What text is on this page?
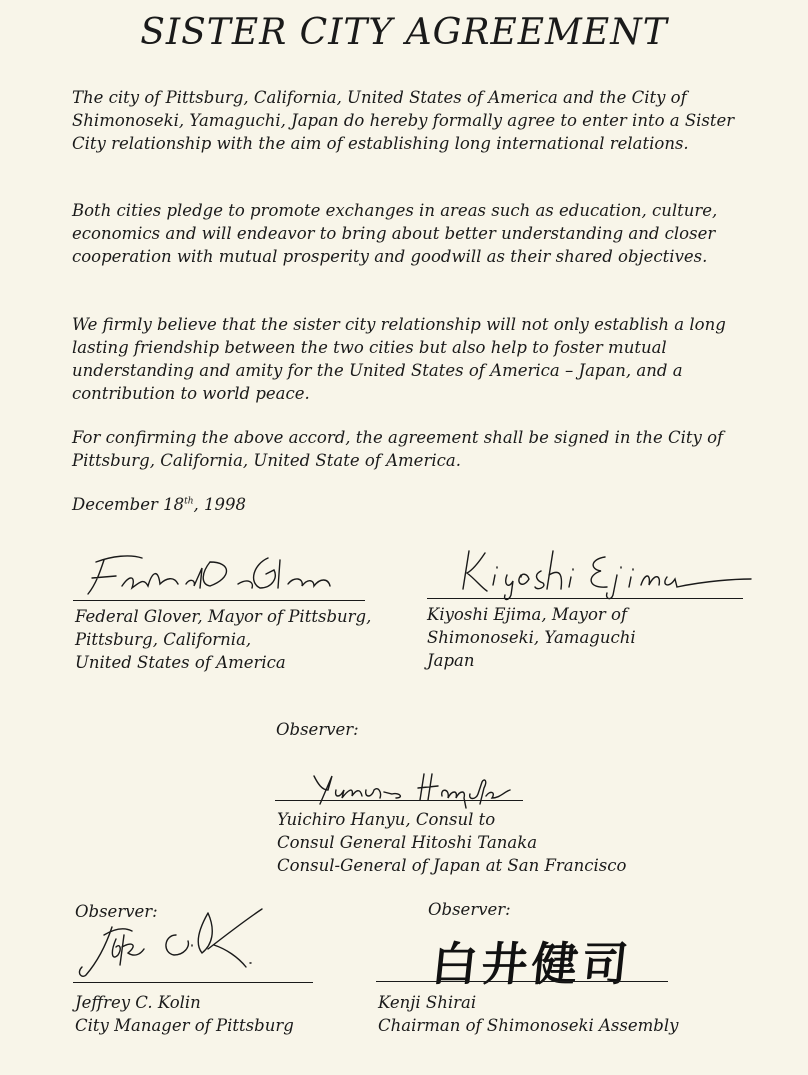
SISTER CITY AGREEMENT

The city of Pittsburg, California, United States of America and the City of Shimonoseki, Yamaguchi, Japan do hereby formally agree to enter into a Sister City relationship with the aim of establishing long international relations.

Both cities pledge to promote exchanges in areas such as education, culture, economics and will endeavor to bring about better understanding and closer cooperation with mutual prosperity and goodwill as their shared objectives.

We firmly believe that the sister city relationship will not only establish a long lasting friendship between the two cities but also help to foster mutual understanding and amity for the United States of America – Japan, and a contribution to world peace.

For confirming the above accord, the agreement shall be signed in the City of Pittsburg, California, United State of America.

December 18th, 1998
Federal Glover, Mayor of Pittsburg,
Pittsburg, California,
United States of America
Kiyoshi Ejima, Mayor of
Shimonoseki, Yamaguchi
Japan
Observer:
Yuichiro Hanyu, Consul to
Consul General Hitoshi Tanaka
Consul-General of Japan at San Francisco
Observer:
Jeffrey C. Kolin
City Manager of Pittsburg
Observer:
白井健司
Kenji Shirai
Chairman of Shimonoseki Assembly
